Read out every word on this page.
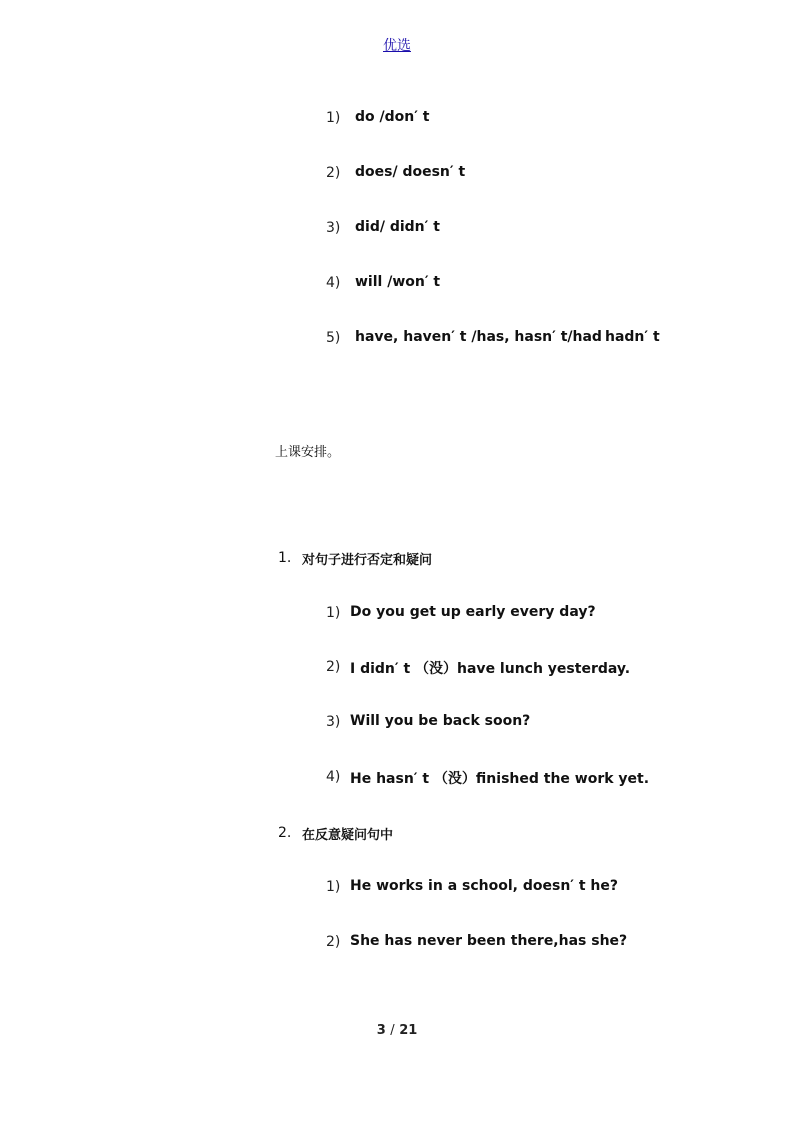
优选
1) do /don′ t
2) does/ doesn′ t
3) did/ didn′ t
4) will /won′ t
5) have, haven′ t /has, hasn′ t/had hadn′ t
上课安排。
1. 对句子进行否定和疑问
1) Do you get up early every day?
2) I didn′ t （没）have lunch yesterday.
3) Will you be back soon?
4) He hasn′ t （没）finished the work yet.
2. 在反意疑问句中
1) He works in a school, doesn′ t he?
2) She has never been there,has she?
3 / 21
